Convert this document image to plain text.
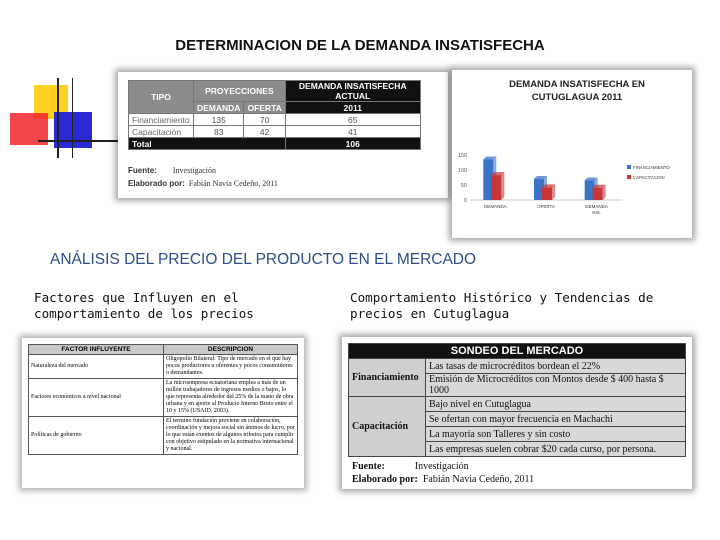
DETERMINACION DE LA DEMANDA INSATISFECHA
TIPO	PROYECCIONES		DEMANDA INSATISFECHA ACTUAL
	DEMANDA	OFERTA	2011
Financiamiento	135	70	65
Capacitación	83	42	41
Total			106
Fuente: Investigación
Elaborado por: Fabián Navia Cedeño, 2011
DEMANDA INSATISFECHA EN CUTUGLAGUA 2011
150
100
50
0
DEMANDA	OFERTA	DEMANDA
INS.
FINANCIAMIENTO
CAPACITACION
ANÁLISIS DEL PRECIO DEL PRODUCTO EN EL MERCADO
Factores que Influyen en el comportamiento de los precios
Comportamiento Histórico y Tendencias de precios en Cutuglagua
FACTOR INFLUYENTE	DESCRIPCION
Naturaleza del mercado	Oligopolio Bilateral: Tipo de mercado en el que hay pocos productores u oferentes y pocos consumidores o demandantes.
Factores económicos a nivel nacional	La microempresa ecuatoriana emplea a más de un millón trabajadores de ingresos medios o bajos, lo que representa alrededor del 25% de la mano de obra urbana y en aporte al Producto Interno Bruto entre el 10 y 15% (USAID, 2003).
Políticas de gobierno	El termino fundación proviene en colaboración, coordinación y mejora social sin ánimos de lucro, por lo que están exentos de algunos tributos para cumplir con objetivo estipulado en la normativa internacional y nacional.
SONDEO DEL MERCADO	
Financiamiento	Las tasas de microcréditos bordean el 22%
	Emisión de Microcréditos con Montos desde $ 400 hasta $ 1000
Capacitación	Bajo nivel en Cutuglagua
	Se ofertan con mayor frecuencia en Machachi
	La mayoría son Talleres y sin costo
	Las empresas suelen cobrar $20 cada curso, por persona.
Fuente:	Investigación
Elaborado por: Fabián Navia Cedeño, 2011
